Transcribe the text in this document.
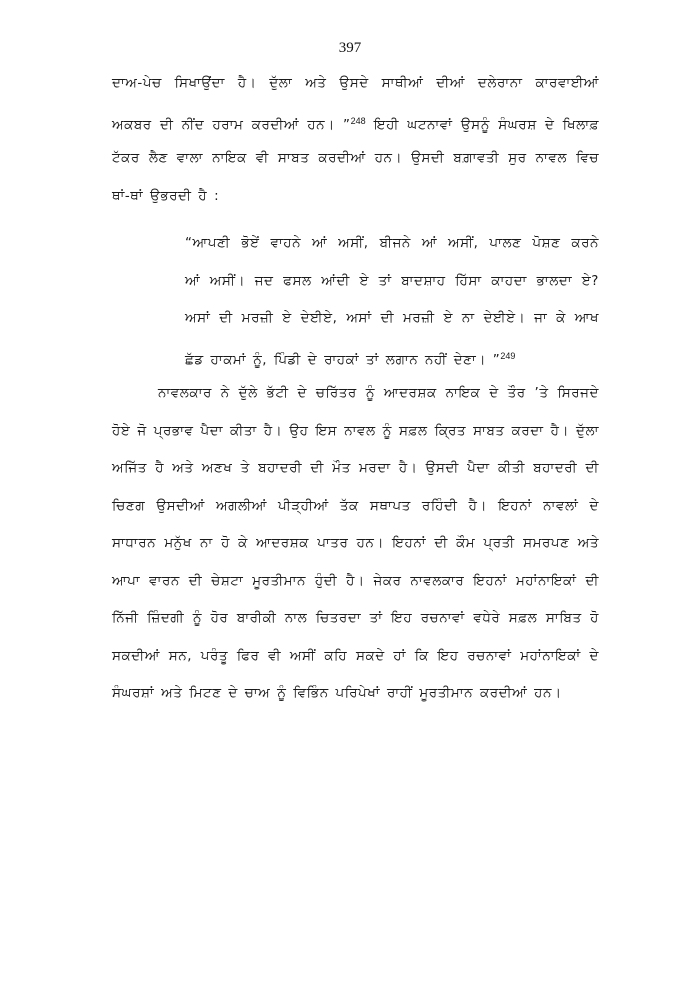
397
ਦਾਅ-ਪੇਚ ਸਿਖਾਉਂਦਾ ਹੈ। ਦੁੱਲਾ ਅਤੇ ਉਸਦੇ ਸਾਥੀਆਂ ਦੀਆਂ ਦਲੇਰਾਨਾ ਕਾਰਵਾਈਆਂ
ਅਕਬਰ ਦੀ ਨੀਂਦ ਹਰਾਮ ਕਰਦੀਆਂ ਹਨ। ”$^{248}$ ਇਹੀ ਘਟਨਾਵਾਂ ਉਸਨੂੰ ਸੰਘਰਸ਼ ਦੇ ਖਿਲਾਫ਼
ਟੱਕਰ ਲੈਣ ਵਾਲਾ ਨਾਇਕ ਵੀ ਸਾਬਤ ਕਰਦੀਆਂ ਹਨ। ਉਸਦੀ ਬਗ਼ਾਵਤੀ ਸੁਰ ਨਾਵਲ ਵਿਚ
ਥਾਂ-ਥਾਂ ਉਭਰਦੀ ਹੈ :
“ਆਪਣੀ ਭੋਏਂ ਵਾਹਨੇ ਆਂ ਅਸੀਂ, ਬੀਜਨੇ ਆਂ ਅਸੀਂ, ਪਾਲਣ ਪੋਸ਼ਣ ਕਰਨੇ
ਆਂ ਅਸੀਂ। ਜਦ ਫਸਲ ਆਂਦੀ ਏ ਤਾਂ ਬਾਦਸ਼ਾਹ ਹਿੱਸਾ ਕਾਹਦਾ ਭਾਲਦਾ ਏ?
ਅਸਾਂ ਦੀ ਮਰਜ਼ੀ ਏ ਦੇਈਏ, ਅਸਾਂ ਦੀ ਮਰਜ਼ੀ ਏ ਨਾ ਦੇਈਏ। ਜਾ ਕੇ ਆਖ
ਛੱਡ ਹਾਕਮਾਂ ਨੂੰ, ਪਿੰਡੀ ਦੇ ਰਾਹਕਾਂ ਤਾਂ ਲਗਾਨ ਨਹੀਂ ਦੇਣਾ। ”$^{249}$
ਨਾਵਲਕਾਰ ਨੇ ਦੁੱਲੇ ਭੱਟੀ ਦੇ ਚਰਿੱਤਰ ਨੂੰ ਆਦਰਸ਼ਕ ਨਾਇਕ ਦੇ ਤੌਰ ’ਤੇ ਸਿਰਜਦੇ
ਹੋਏ ਜੋ ਪ੍ਰਭਾਵ ਪੈਦਾ ਕੀਤਾ ਹੈ। ਉਹ ਇਸ ਨਾਵਲ ਨੂੰ ਸਫ਼ਲ ਕ੍ਰਿਤ ਸਾਬਤ ਕਰਦਾ ਹੈ। ਦੁੱਲਾ
ਅਜਿੱਤ ਹੈ ਅਤੇ ਅਣਖ ਤੇ ਬਹਾਦਰੀ ਦੀ ਮੌਤ ਮਰਦਾ ਹੈ। ਉਸਦੀ ਪੈਦਾ ਕੀਤੀ ਬਹਾਦਰੀ ਦੀ
ਚਿਣਗ ਉਸਦੀਆਂ ਅਗਲੀਆਂ ਪੀੜ੍ਹੀਆਂ ਤੱਕ ਸਥਾਪਤ ਰਹਿੰਦੀ ਹੈ। ਇਹਨਾਂ ਨਾਵਲਾਂ ਦੇ
ਸਾਧਾਰਨ ਮਨੁੱਖ ਨਾ ਹੋ ਕੇ ਆਦਰਸ਼ਕ ਪਾਤਰ ਹਨ। ਇਹਨਾਂ ਦੀ ਕੌਮ ਪ੍ਰਤੀ ਸਮਰਪਣ ਅਤੇ
ਆਪਾ ਵਾਰਨ ਦੀ ਚੇਸ਼ਟਾ ਮੂਰਤੀਮਾਨ ਹੁੰਦੀ ਹੈ। ਜੇਕਰ ਨਾਵਲਕਾਰ ਇਹਨਾਂ ਮਹਾਂਨਾਇਕਾਂ ਦੀ
ਨਿੱਜੀ ਜ਼ਿੰਦਗੀ ਨੂੰ ਹੋਰ ਬਾਰੀਕੀ ਨਾਲ ਚਿਤਰਦਾ ਤਾਂ ਇਹ ਰਚਨਾਵਾਂ ਵਧੇਰੇ ਸਫ਼ਲ ਸਾਬਿਤ ਹੋ
ਸਕਦੀਆਂ ਸਨ, ਪਰੰਤੂ ਫਿਰ ਵੀ ਅਸੀਂ ਕਹਿ ਸਕਦੇ ਹਾਂ ਕਿ ਇਹ ਰਚਨਾਵਾਂ ਮਹਾਂਨਾਇਕਾਂ ਦੇ
ਸੰਘਰਸ਼ਾਂ ਅਤੇ ਮਿਟਣ ਦੇ ਚਾਅ ਨੂੰ ਵਿਭਿੰਨ ਪਰਿਪੇਖਾਂ ਰਾਹੀਂ ਮੂਰਤੀਮਾਨ ਕਰਦੀਆਂ ਹਨ।
